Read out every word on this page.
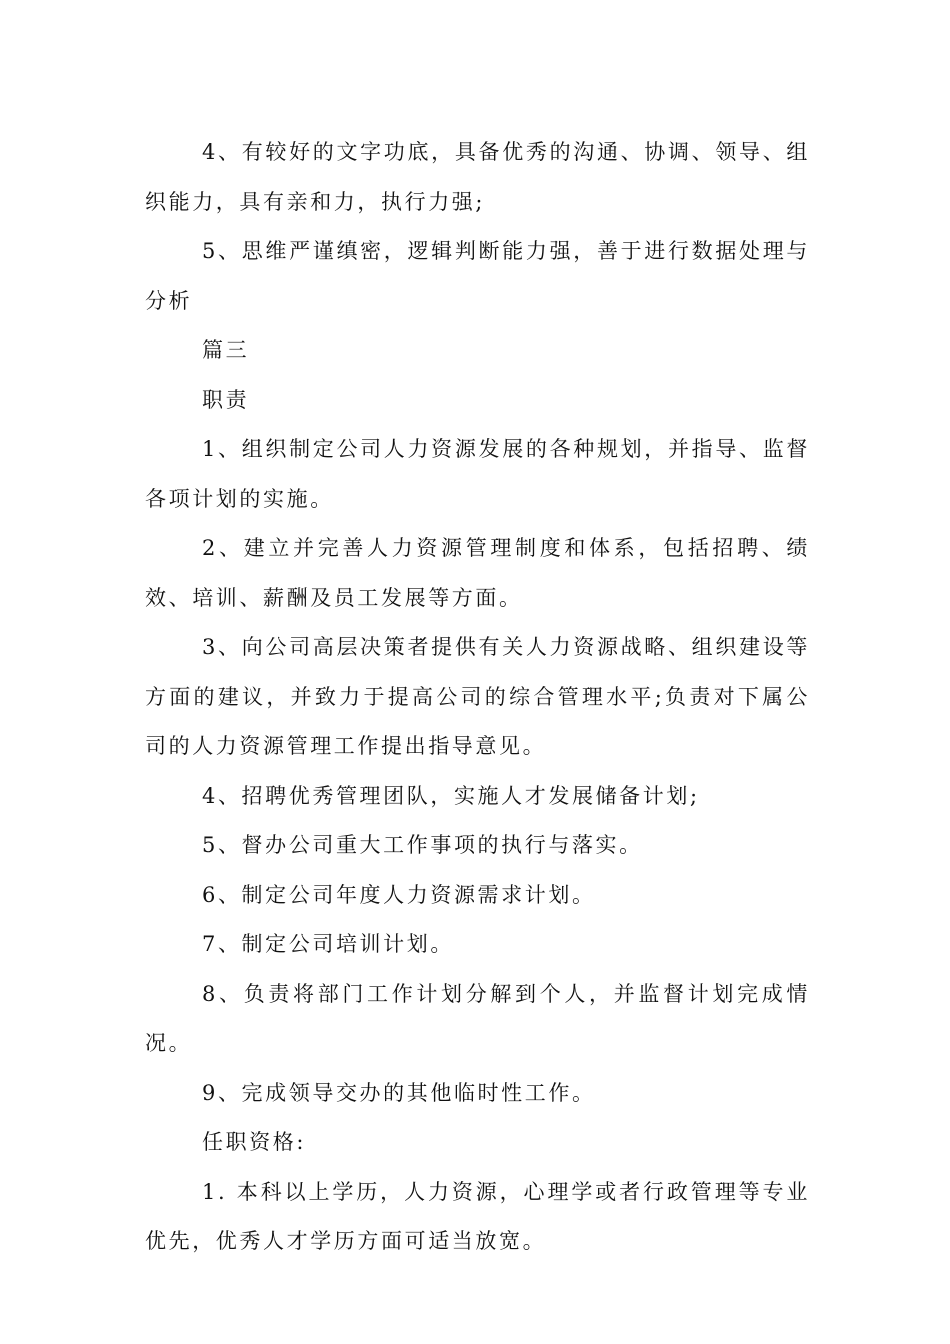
4、有较好的文字功底，具备优秀的沟通、协调、领导、组织能力，具有亲和力，执行力强;

5、思维严谨缜密，逻辑判断能力强，善于进行数据处理与分析

篇三

职责

1、组织制定公司人力资源发展的各种规划，并指导、监督各项计划的实施。

2、建立并完善人力资源管理制度和体系，包括招聘、绩效、培训、薪酬及员工发展等方面。

3、向公司高层决策者提供有关人力资源战略、组织建设等方面的建议，并致力于提高公司的综合管理水平;负责对下属公司的人力资源管理工作提出指导意见。

4、招聘优秀管理团队，实施人才发展储备计划;

5、督办公司重大工作事项的执行与落实。

6、制定公司年度人力资源需求计划。

7、制定公司培训计划。

8、负责将部门工作计划分解到个人，并监督计划完成情况。

9、完成领导交办的其他临时性工作。

任职资格:

1. 本科以上学历，人力资源，心理学或者行政管理等专业优先，优秀人才学历方面可适当放宽。
